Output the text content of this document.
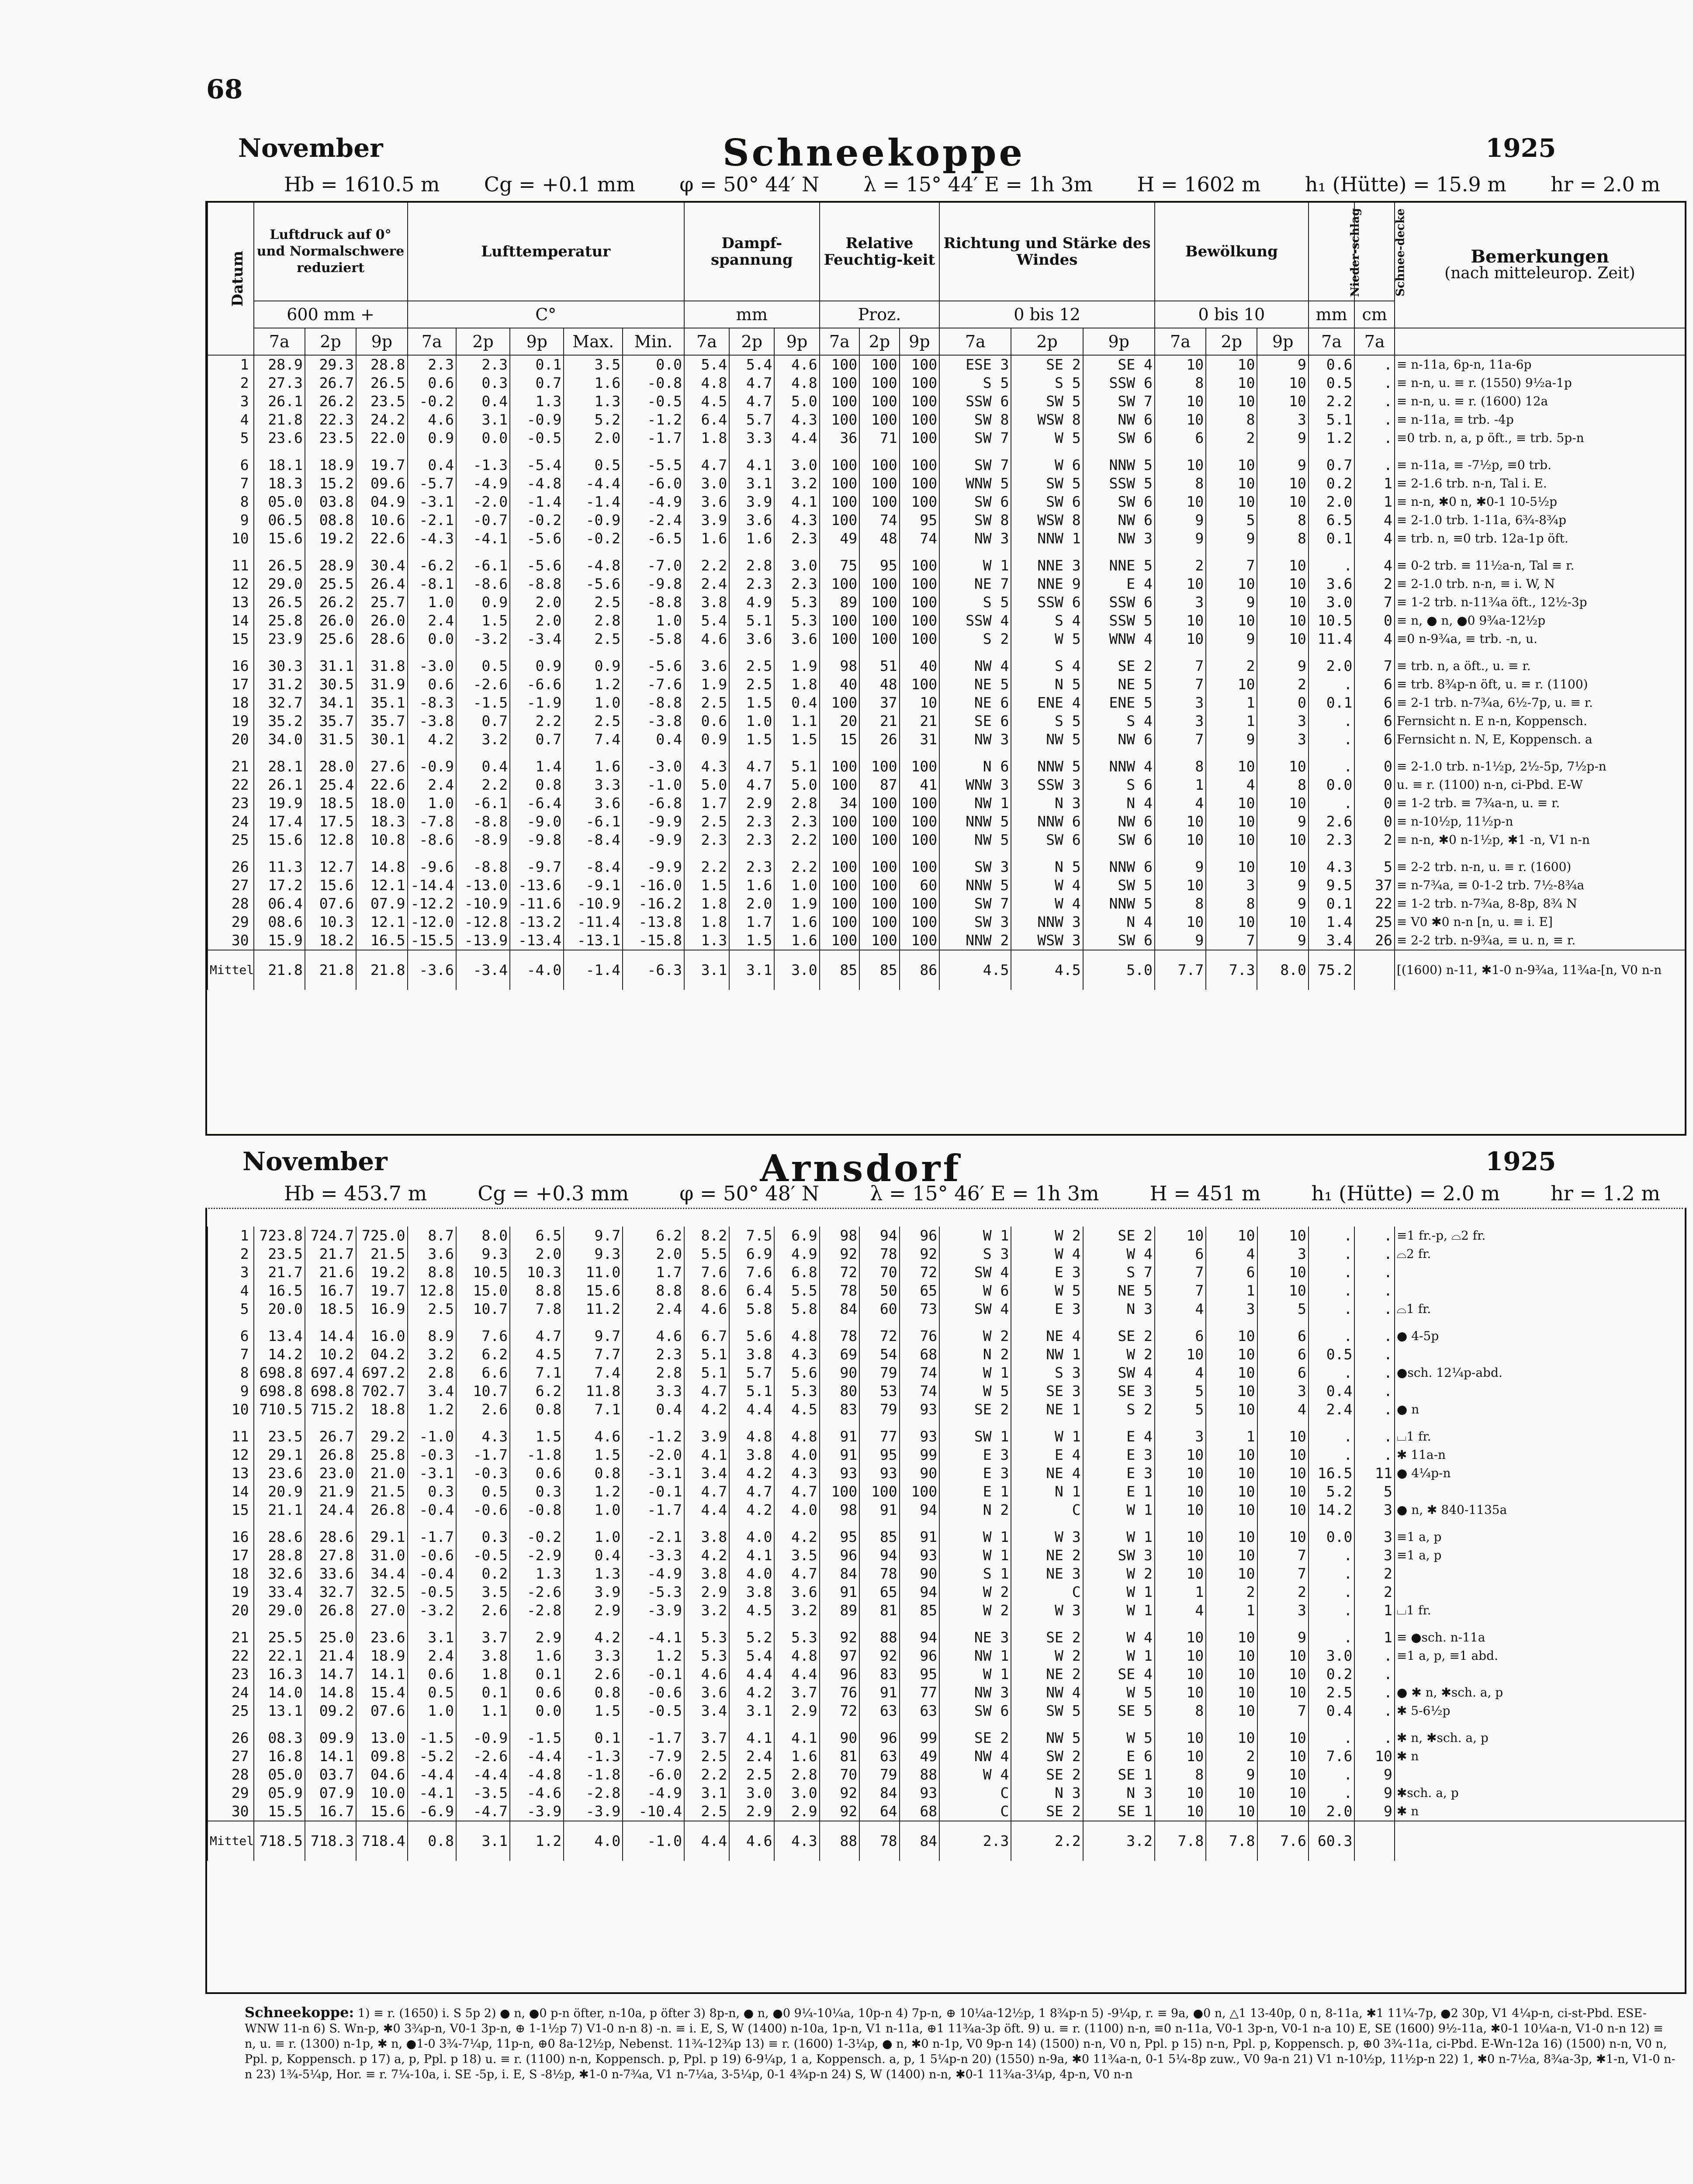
68
November	Schneekoppe	1925
Hb = 1610.5 m Cg = +0.1 mm φ = 50° 44′ N λ = 15° 44′ E = 1h 3m H = 1602 m h₁ (Hütte) = 15.9 m hr = 2.0 m
Datum	Luftdruck auf 0° und Normalschwere reduziert			Lufttemperatur					Dampf-spannung			Relative Feuchtig-keit			Richtung und Stärke des Windes			Bewölkung			Nieder-schlag	Schnee-decke	Bemerkungen
(nach mitteleurop. Zeit)

	600 mm +			C°					mm			Proz.			0 bis 12			0 bis 10			mm	cm	
	7a	2p	9p	7a	2p	9p	Max.	Min.	7a	2p	9p	7a	2p	9p	7a	2p	9p	7a	2p	9p	7a	7a	
1	28.9	29.3	28.8	2.3	2.3	0.1	3.5	0.0	5.4	5.4	4.6	100	100	100	ESE 3	SE 2	SE 4	10	10	9	0.6	.	≡ n-11a, 6p-n, 11a-6p
2	27.3	26.7	26.5	0.6	0.3	0.7	1.6	-0.8	4.8	4.7	4.8	100	100	100	S 5	S 5	SSW 6	8	10	10	0.5	.	≡ n-n, u. ≡ r. (1550) 9½a-1p
3	26.1	26.2	23.5	-0.2	0.4	1.3	1.3	-0.5	4.5	4.7	5.0	100	100	100	SSW 6	SW 5	SW 7	10	10	10	2.2	.	≡ n-n, u. ≡ r. (1600) 12a
4	21.8	22.3	24.2	4.6	3.1	-0.9	5.2	-1.2	6.4	5.7	4.3	100	100	100	SW 8	WSW 8	NW 6	10	8	3	5.1	.	≡ n-11a, ≡ trb. -4p
5	23.6	23.5	22.0	0.9	0.0	-0.5	2.0	-1.7	1.8	3.3	4.4	36	71	100	SW 7	W 5	SW 6	6	2	9	1.2	.	≡0 trb. n, a, p öft., ≡ trb. 5p-n

6	18.1	18.9	19.7	0.4	-1.3	-5.4	0.5	-5.5	4.7	4.1	3.0	100	100	100	SW 7	W 6	NNW 5	10	10	9	0.7	.	≡ n-11a, ≡ -7½p, ≡0 trb.
7	18.3	15.2	09.6	-5.7	-4.9	-4.8	-4.4	-6.0	3.0	3.1	3.2	100	100	100	WNW 5	SW 5	SSW 5	8	10	10	0.2	1	≡ 2-1.6 trb. n-n, Tal i. E.
8	05.0	03.8	04.9	-3.1	-2.0	-1.4	-1.4	-4.9	3.6	3.9	4.1	100	100	100	SW 6	SW 6	SW 6	10	10	10	2.0	1	≡ n-n, ✱0 n, ✱0-1 10-5½p
9	06.5	08.8	10.6	-2.1	-0.7	-0.2	-0.9	-2.4	3.9	3.6	4.3	100	74	95	SW 8	WSW 8	NW 6	9	5	8	6.5	4	≡ 2-1.0 trb. 1-11a, 6¾-8¾p
10	15.6	19.2	22.6	-4.3	-4.1	-5.6	-0.2	-6.5	1.6	1.6	2.3	49	48	74	NW 3	NNW 1	NW 3	9	9	8	0.1	4	≡ trb. n, ≡0 trb. 12a-1p öft.

11	26.5	28.9	30.4	-6.2	-6.1	-5.6	-4.8	-7.0	2.2	2.8	3.0	75	95	100	W 1	NNE 3	NNE 5	2	7	10	.	4	≡ 0-2 trb. ≡ 11½a-n, Tal ≡ r.
12	29.0	25.5	26.4	-8.1	-8.6	-8.8	-5.6	-9.8	2.4	2.3	2.3	100	100	100	NE 7	NNE 9	E 4	10	10	10	3.6	2	≡ 2-1.0 trb. n-n, ≡ i. W, N
13	26.5	26.2	25.7	1.0	0.9	2.0	2.5	-8.8	3.8	4.9	5.3	89	100	100	S 5	SSW 6	SSW 6	3	9	10	3.0	7	≡ 1-2 trb. n-11¾a öft., 12½-3p
14	25.8	26.0	26.0	2.4	1.5	2.0	2.8	1.0	5.4	5.1	5.3	100	100	100	SSW 4	S 4	SSW 5	10	10	10	10.5	0	≡ n, ● n, ●0 9¾a-12½p
15	23.9	25.6	28.6	0.0	-3.2	-3.4	2.5	-5.8	4.6	3.6	3.6	100	100	100	S 2	W 5	WNW 4	10	9	10	11.4	4	≡0 n-9¾a, ≡ trb. -n, u.

16	30.3	31.1	31.8	-3.0	0.5	0.9	0.9	-5.6	3.6	2.5	1.9	98	51	40	NW 4	S 4	SE 2	7	2	9	2.0	7	≡ trb. n, a öft., u. ≡ r.
17	31.2	30.5	31.9	0.6	-2.6	-6.6	1.2	-7.6	1.9	2.5	1.8	40	48	100	NE 5	N 5	NE 5	7	10	2	.	6	≡ trb. 8¾p-n öft, u. ≡ r. (1100)
18	32.7	34.1	35.1	-8.3	-1.5	-1.9	1.0	-8.8	2.5	1.5	0.4	100	37	10	NE 6	ENE 4	ENE 5	3	1	0	0.1	6	≡ 2-1 trb. n-7¾a, 6½-7p, u. ≡ r.
19	35.2	35.7	35.7	-3.8	0.7	2.2	2.5	-3.8	0.6	1.0	1.1	20	21	21	SE 6	S 5	S 4	3	1	3	.	6	Fernsicht n. E n-n, Koppensch.
20	34.0	31.5	30.1	4.2	3.2	0.7	7.4	0.4	0.9	1.5	1.5	15	26	31	NW 3	NW 5	NW 6	7	9	3	.	6	Fernsicht n. N, E, Koppensch. a

21	28.1	28.0	27.6	-0.9	0.4	1.4	1.6	-3.0	4.3	4.7	5.1	100	100	100	N 6	NNW 5	NNW 4	8	10	10	.	0	≡ 2-1.0 trb. n-1½p, 2½-5p, 7½p-n
22	26.1	25.4	22.6	2.4	2.2	0.8	3.3	-1.0	5.0	4.7	5.0	100	87	41	WNW 3	SSW 3	S 6	1	4	8	0.0	0	u. ≡ r. (1100) n-n, ci-Pbd. E-W
23	19.9	18.5	18.0	1.0	-6.1	-6.4	3.6	-6.8	1.7	2.9	2.8	34	100	100	NW 1	N 3	N 4	4	10	10	.	0	≡ 1-2 trb. ≡ 7¾a-n, u. ≡ r.
24	17.4	17.5	18.3	-7.8	-8.8	-9.0	-6.1	-9.9	2.5	2.3	2.3	100	100	100	NNW 5	NNW 6	NW 6	10	10	9	2.6	0	≡ n-10½p, 11½p-n
25	15.6	12.8	10.8	-8.6	-8.9	-9.8	-8.4	-9.9	2.3	2.3	2.2	100	100	100	NW 5	SW 6	SW 6	10	10	10	2.3	2	≡ n-n, ✱0 n-1½p, ✱1 -n, V1 n-n

26	11.3	12.7	14.8	-9.6	-8.8	-9.7	-8.4	-9.9	2.2	2.3	2.2	100	100	100	SW 3	N 5	NNW 6	9	10	10	4.3	5	≡ 2-2 trb. n-n, u. ≡ r. (1600)
27	17.2	15.6	12.1	-14.4	-13.0	-13.6	-9.1	-16.0	1.5	1.6	1.0	100	100	60	NNW 5	W 4	SW 5	10	3	9	9.5	37	≡ n-7¾a, ≡ 0-1-2 trb. 7½-8¾a
28	06.4	07.6	07.9	-12.2	-10.9	-11.6	-10.9	-16.2	1.8	2.0	1.9	100	100	100	SW 7	W 4	NNW 5	8	8	9	0.1	22	≡ 1-2 trb. n-7¾a, 8-8p, 8¾ N
29	08.6	10.3	12.1	-12.0	-12.8	-13.2	-11.4	-13.8	1.8	1.7	1.6	100	100	100	SW 3	NNW 3	N 4	10	10	10	1.4	25	≡ V0 ✱0 n-n [n, u. ≡ i. E]
30	15.9	18.2	16.5	-15.5	-13.9	-13.4	-13.1	-15.8	1.3	1.5	1.6	100	100	100	NNW 2	WSW 3	SW 6	9	7	9	3.4	26	≡ 2-2 trb. n-9¾a, ≡ u. n, ≡ r.
Mittel	21.8	21.8	21.8	-3.6	-3.4	-4.0	-1.4	-6.3	3.1	3.1	3.0	85	85	86	4.5	4.5	5.0	7.7	7.3	8.0	75.2		[(1600) n-11, ✱1-0 n-9¾a, 11¾a-[n, V0 n-n
November	Arnsdorf	1925
Hb = 453.7 m	Cg = +0.3 mm	φ = 50° 48′ N	λ = 15° 46′ E = 1h 3m	H = 451 m	h₁ (Hütte) = 2.0 m	hr = 1.2 m
1	723.8	724.7	725.0	8.7	8.0	6.5	9.7	6.2	8.2	7.5	6.9	98	94	96	W 1	W 2	SE 2	10	10	10	.	.	≡1 fr.-p, ⌓2 fr.
2	23.5	21.7	21.5	3.6	9.3	2.0	9.3	2.0	5.5	6.9	4.9	92	78	92	S 3	W 4	W 4	6	4	3	.	.	⌓2 fr.
3	21.7	21.6	19.2	8.8	10.5	10.3	11.0	1.7	7.6	7.6	6.8	72	70	72	SW 4	E 3	S 7	7	6	10	.	.	
4	16.5	16.7	19.7	12.8	15.0	8.8	15.6	8.8	8.6	6.4	5.5	78	50	65	W 6	W 5	NE 5	7	1	10	.	.	
5	20.0	18.5	16.9	2.5	10.7	7.8	11.2	2.4	4.6	5.8	5.8	84	60	73	SW 4	E 3	N 3	4	3	5	.	.	⌓1 fr.

6	13.4	14.4	16.0	8.9	7.6	4.7	9.7	4.6	6.7	5.6	4.8	78	72	76	W 2	NE 4	SE 2	6	10	6	.	.	● 4-5p
7	14.2	10.2	04.2	3.2	6.2	4.5	7.7	2.3	5.1	3.8	4.3	69	54	68	N 2	NW 1	W 2	10	10	6	0.5	.	
8	698.8	697.4	697.2	2.8	6.6	7.1	7.4	2.8	5.1	5.7	5.6	90	79	74	W 1	S 3	SW 4	4	10	6	.	.	●sch. 12¼p-abd.
9	698.8	698.8	702.7	3.4	10.7	6.2	11.8	3.3	4.7	5.1	5.3	80	53	74	W 5	SE 3	SE 3	5	10	3	0.4	.	
10	710.5	715.2	18.8	1.2	2.6	0.8	7.1	0.4	4.2	4.4	4.5	83	79	93	SE 2	NE 1	S 2	5	10	4	2.4	.	● n

11	23.5	26.7	29.2	-1.0	4.3	1.5	4.6	-1.2	3.9	4.8	4.8	91	77	93	SW 1	W 1	E 4	3	1	10	.	.	⌴1 fr.
12	29.1	26.8	25.8	-0.3	-1.7	-1.8	1.5	-2.0	4.1	3.8	4.0	91	95	99	E 3	E 4	E 3	10	10	10	.	.	✱ 11a-n
13	23.6	23.0	21.0	-3.1	-0.3	0.6	0.8	-3.1	3.4	4.2	4.3	93	93	90	E 3	NE 4	E 3	10	10	10	16.5	11	● 4¼p-n
14	20.9	21.9	21.5	0.3	0.5	0.3	1.2	-0.1	4.7	4.7	4.7	100	100	100	E 1	N 1	E 1	10	10	10	5.2	5	
15	21.1	24.4	26.8	-0.4	-0.6	-0.8	1.0	-1.7	4.4	4.2	4.0	98	91	94	N 2	C	W 1	10	10	10	14.2	3	● n, ✱ 840-1135a

16	28.6	28.6	29.1	-1.7	0.3	-0.2	1.0	-2.1	3.8	4.0	4.2	95	85	91	W 1	W 3	W 1	10	10	10	0.0	3	≡1 a, p
17	28.8	27.8	31.0	-0.6	-0.5	-2.9	0.4	-3.3	4.2	4.1	3.5	96	94	93	W 1	NE 2	SW 3	10	10	7	.	3	≡1 a, p
18	32.6	33.6	34.4	-0.4	0.2	1.3	1.3	-4.9	3.8	4.0	4.7	84	78	90	S 1	NE 3	W 2	10	10	7	.	2	
19	33.4	32.7	32.5	-0.5	3.5	-2.6	3.9	-5.3	2.9	3.8	3.6	91	65	94	W 2	C	W 1	1	2	2	.	2	
20	29.0	26.8	27.0	-3.2	2.6	-2.8	2.9	-3.9	3.2	4.5	3.2	89	81	85	W 2	W 3	W 1	4	1	3	.	1	⌴1 fr.

21	25.5	25.0	23.6	3.1	3.7	2.9	4.2	-4.1	5.3	5.2	5.3	92	88	94	NE 3	SE 2	W 4	10	10	9	.	1	≡ ●sch. n-11a
22	22.1	21.4	18.9	2.4	3.8	1.6	3.3	1.2	5.3	5.4	4.8	97	92	96	NW 1	W 2	W 1	10	10	10	3.0	.	≡1 a, p, ≡1 abd.
23	16.3	14.7	14.1	0.6	1.8	0.1	2.6	-0.1	4.6	4.4	4.4	96	83	95	W 1	NE 2	SE 4	10	10	10	0.2	.	
24	14.0	14.8	15.4	0.5	0.1	0.6	0.8	-0.6	3.6	4.2	3.7	76	91	77	NW 3	NW 4	W 5	10	10	10	2.5	.	● ✱ n, ✱sch. a, p
25	13.1	09.2	07.6	1.0	1.1	0.0	1.5	-0.5	3.4	3.1	2.9	72	63	63	SW 6	SW 5	SE 5	8	10	7	0.4	.	✱ 5-6½p

26	08.3	09.9	13.0	-1.5	-0.9	-1.5	0.1	-1.7	3.7	4.1	4.1	90	96	99	SE 2	NW 5	W 5	10	10	10	.	.	✱ n, ✱sch. a, p
27	16.8	14.1	09.8	-5.2	-2.6	-4.4	-1.3	-7.9	2.5	2.4	1.6	81	63	49	NW 4	SW 2	E 6	10	2	10	7.6	10	✱ n
28	05.0	03.7	04.6	-4.4	-4.4	-4.8	-1.8	-6.0	2.2	2.5	2.8	70	79	88	W 4	SE 2	SE 1	8	9	10	.	9	
29	05.9	07.9	10.0	-4.1	-3.5	-4.6	-2.8	-4.9	3.1	3.0	3.0	92	84	93	C	N 3	N 3	10	10	10	.	9	✱sch. a, p
30	15.5	16.7	15.6	-6.9	-4.7	-3.9	-3.9	-10.4	2.5	2.9	2.9	92	64	68	C	SE 2	SE 1	10	10	10	2.0	9	✱ n
Mittel	718.5	718.3	718.4	0.8	3.1	1.2	4.0	-1.0	4.4	4.6	4.3	88	78	84	2.3	2.2	3.2	7.8	7.8	7.6	60.3		
Schneekoppe: 1) ≡ r. (1650) i. S 5p 2) ● n, ●0 p-n öfter, n-10a, p öfter 3) 8p-n, ● n, ●0 9¼-10¼a, 10p-n 4) 7p-n, ⊕ 10¼a-12½p, 1 8¾p-n 5) -9¼p, r. ≡ 9a, ●0 n, △1 13-40p, 0 n, 8-11a, ✱1 11¼-7p, ●2 30p, V1 4¼p-n, ci-st-Pbd. ESE-WNW 11-n 6) S. Wn-p, ✱0 3¾p-n, V0-1 3p-n, ⊕ 1-1½p 7) V1-0 n-n 8) -n. ≡ i. E, S, W (1400) n-10a, 1p-n, V1 n-11a, ⊕1 11¾a-3p öft. 9) u. ≡ r. (1100) n-n, ≡0 n-11a, V0-1 3p-n, V0-1 n-a 10) E, SE (1600) 9½-11a, ✱0-1 10¼a-n, V1-0 n-n 12) ≡ n, u. ≡ r. (1300) n-1p, ✱ n, ●1-0 3¾-7¼p, 11p-n, ⊕0 8a-12½p, Nebenst. 11¾-12¾p 13) ≡ r. (1600) 1-3¼p, ● n, ✱0 n-1p, V0 9p-n 14) (1500) n-n, V0 n, Ppl. p 15) n-n, Ppl. p, Koppensch. p, ⊕0 3¾-11a, ci-Pbd. E-Wn-12a 16) (1500) n-n, V0 n, Ppl. p, Koppensch. p 17) a, p, Ppl. p 18) u. ≡ r. (1100) n-n, Koppensch. p, Ppl. p 19) 6-9¼p, 1 a, Koppensch. a, p, 1 5¼p-n 20) (1550) n-9a, ✱0 11¾a-n, 0-1 5¼-8p zuw., V0 9a-n 21) V1 n-10½p, 11½p-n 22) 1, ✱0 n-7½a, 8¾a-3p, ✱1-n, V1-0 n-n 23) 1¾-5¼p, Hor. ≡ r. 7¼-10a, i. SE -5p, i. E, S -8½p, ✱1-0 n-7¾a, V1 n-7¼a, 3-5¼p, 0-1 4¾p-n 24) S, W (1400) n-n, ✱0-1 11¾a-3¼p, 4p-n, V0 n-n
